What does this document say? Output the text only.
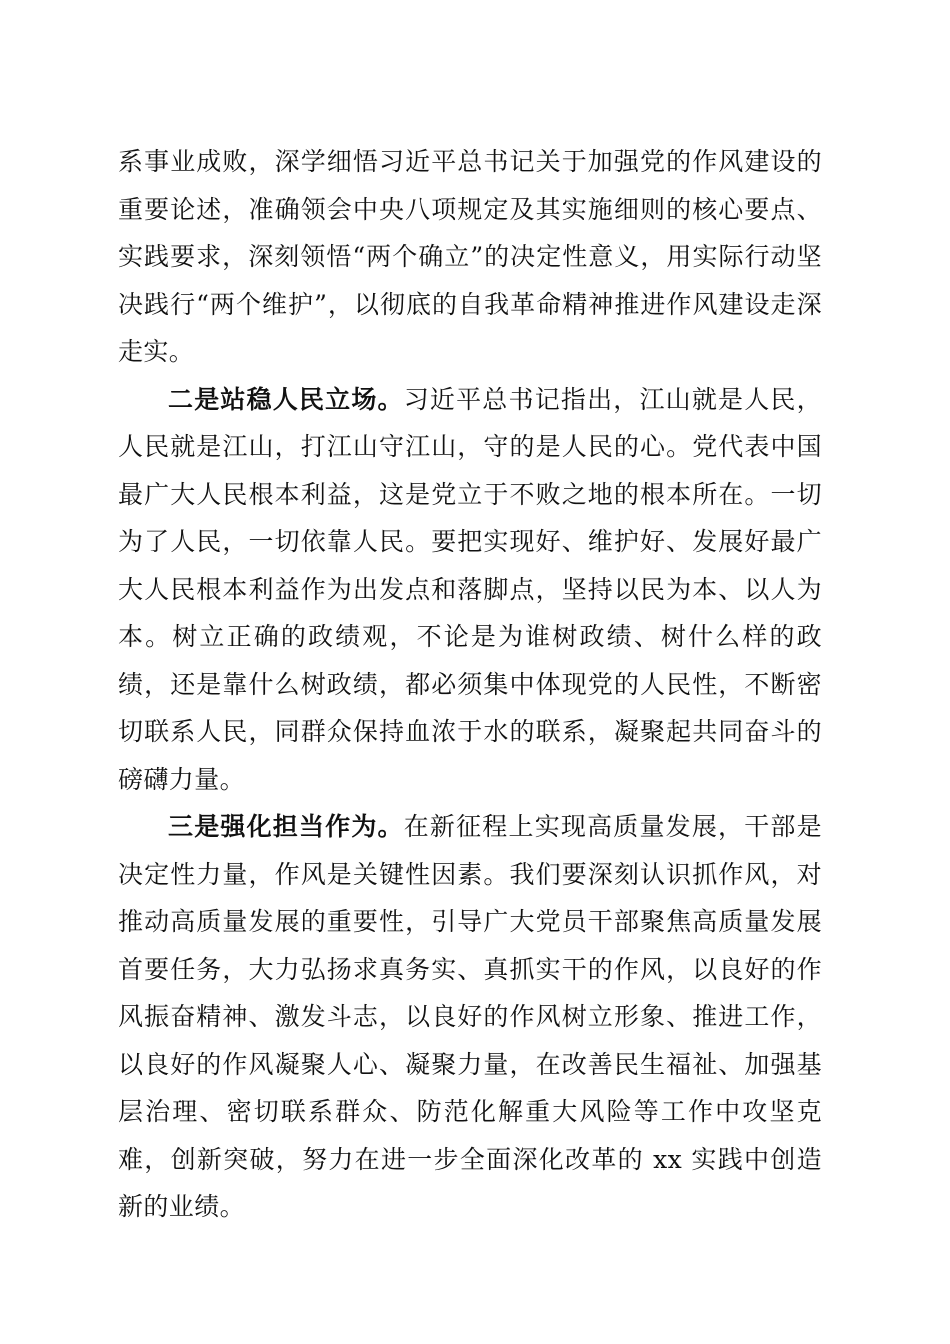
系事业成败，深学细悟习近平总书记关于加强党的作风建设的重要论述，准确领会中央八项规定及其实施细则的核心要点、实践要求，深刻领悟“两个确立”的决定性意义，用实际行动坚决践行“两个维护”，以彻底的自我革命精神推进作风建设走深走实。

二是站稳人民立场。习近平总书记指出，江山就是人民，人民就是江山，打江山守江山，守的是人民的心。党代表中国最广大人民根本利益，这是党立于不败之地的根本所在。一切为了人民，一切依靠人民。要把实现好、维护好、发展好最广大人民根本利益作为出发点和落脚点，坚持以民为本、以人为本。树立正确的政绩观，不论是为谁树政绩、树什么样的政绩，还是靠什么树政绩，都必须集中体现党的人民性，不断密切联系人民，同群众保持血浓于水的联系，凝聚起共同奋斗的磅礴力量。

三是强化担当作为。在新征程上实现高质量发展，干部是决定性力量，作风是关键性因素。我们要深刻认识抓作风，对推动高质量发展的重要性，引导广大党员干部聚焦高质量发展首要任务，大力弘扬求真务实、真抓实干的作风，以良好的作风振奋精神、激发斗志，以良好的作风树立形象、推进工作，以良好的作风凝聚人心、凝聚力量，在改善民生福祉、加强基层治理、密切联系群众、防范化解重大风险等工作中攻坚克难，创新突破，努力在进一步全面深化改革的 xx 实践中创造新的业绩。
